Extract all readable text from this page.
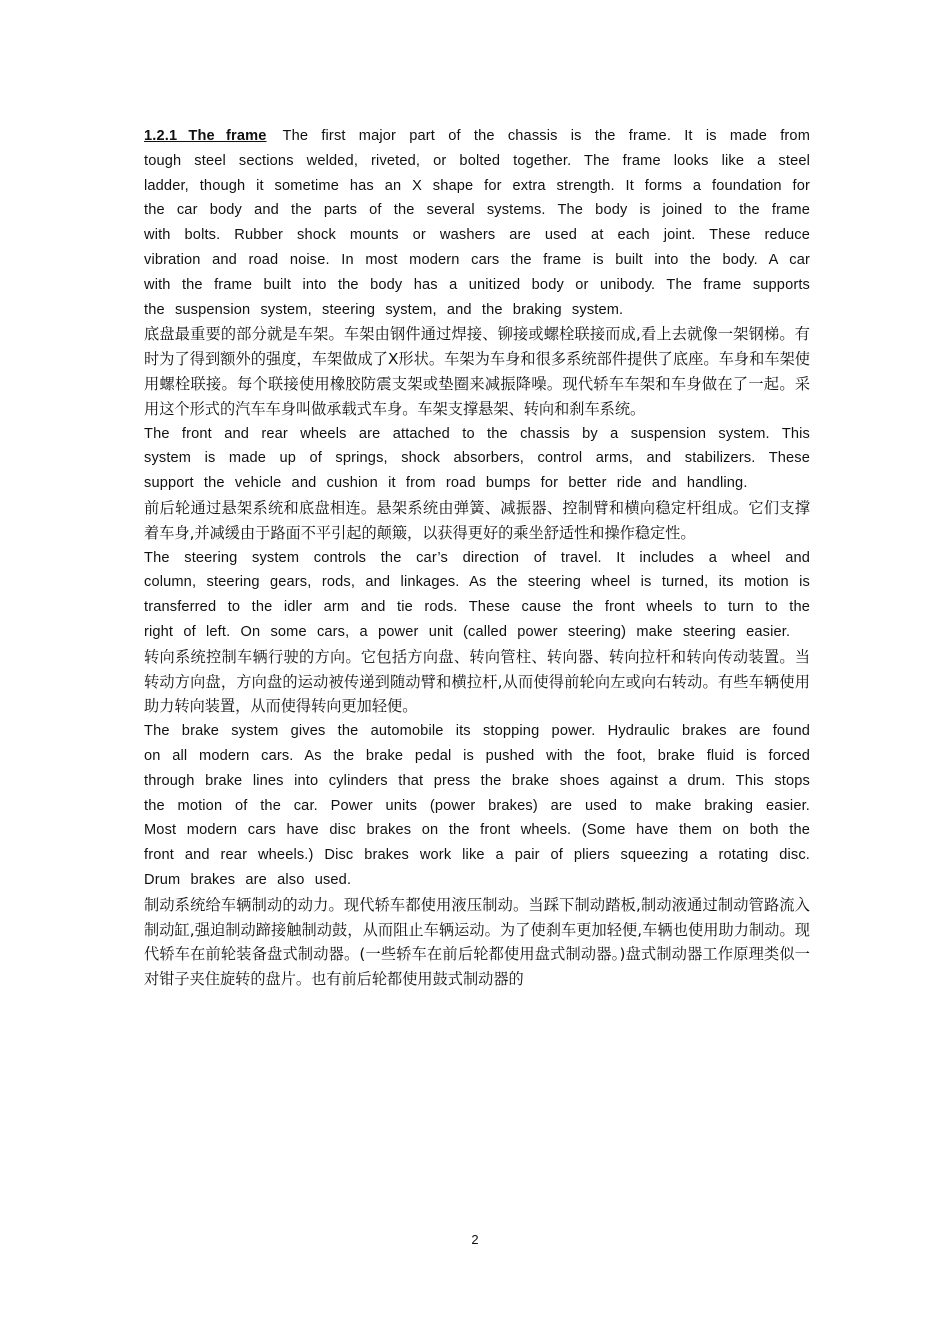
1.2.1 The frame The first major part of the chassis is the frame. It is made from tough steel sections welded, riveted, or bolted together. The frame looks like a steel ladder, though it sometime has an X shape for extra strength. It forms a foundation for the car body and the parts of the several systems. The body is joined to the frame with bolts. Rubber shock mounts or washers are used at each joint. These reduce vibration and road noise. In most modern cars the frame is built into the body. A car with the frame built into the body has a unitized body or unibody. The frame supports the suspension system, steering system, and the braking system.

底盘最重要的部分就是车架。车架由钢件通过焊接、铆接或螺栓联接而成,看上去就像一架钢梯。有时为了得到额外的强度，车架做成了X形状。车架为车身和很多系统部件提供了底座。车身和车架使用螺栓联接。每个联接使用橡胶防震支架或垫圈来减振降噪。现代轿车车架和车身做在了一起。采用这个形式的汽车车身叫做承载式车身。车架支撑悬架、转向和刹车系统。

The front and rear wheels are attached to the chassis by a suspension system. This system is made up of springs, shock absorbers, control arms, and stabilizers. These support the vehicle and cushion it from road bumps for better ride and handling.

前后轮通过悬架系统和底盘相连。悬架系统由弹簧、减振器、控制臂和横向稳定杆组成。它们支撑着车身,并减缓由于路面不平引起的颠簸，以获得更好的乘坐舒适性和操作稳定性。

The steering system controls the car’s direction of travel. It includes a wheel and column, steering gears, rods, and linkages. As the steering wheel is turned, its motion is transferred to the idler arm and tie rods. These cause the front wheels to turn to the right of left. On some cars, a power unit (called power steering) make steering easier.

转向系统控制车辆行驶的方向。它包括方向盘、转向管柱、转向器、转向拉杆和转向传动装置。当转动方向盘，方向盘的运动被传递到随动臂和横拉杆,从而使得前轮向左或向右转动。有些车辆使用助力转向装置，从而使得转向更加轻便。

The brake system gives the automobile its stopping power. Hydraulic brakes are found on all modern cars. As the brake pedal is pushed with the foot, brake fluid is forced through brake lines into cylinders that press the brake shoes against a drum. This stops the motion of the car. Power units (power brakes) are used to make braking easier. Most modern cars have disc brakes on the front wheels. (Some have them on both the front and rear wheels.) Disc brakes work like a pair of pliers squeezing a rotating disc. Drum brakes are also used.

制动系统给车辆制动的动力。现代轿车都使用液压制动。当踩下制动踏板,制动液通过制动管路流入制动缸,强迫制动蹄接触制动鼓，从而阻止车辆运动。为了使刹车更加轻便,车辆也使用助力制动。现代轿车在前轮装备盘式制动器。(一些轿车在前后轮都使用盘式制动器。)盘式制动器工作原理类似一对钳子夹住旋转的盘片。也有前后轮都使用鼓式制动器的

2
